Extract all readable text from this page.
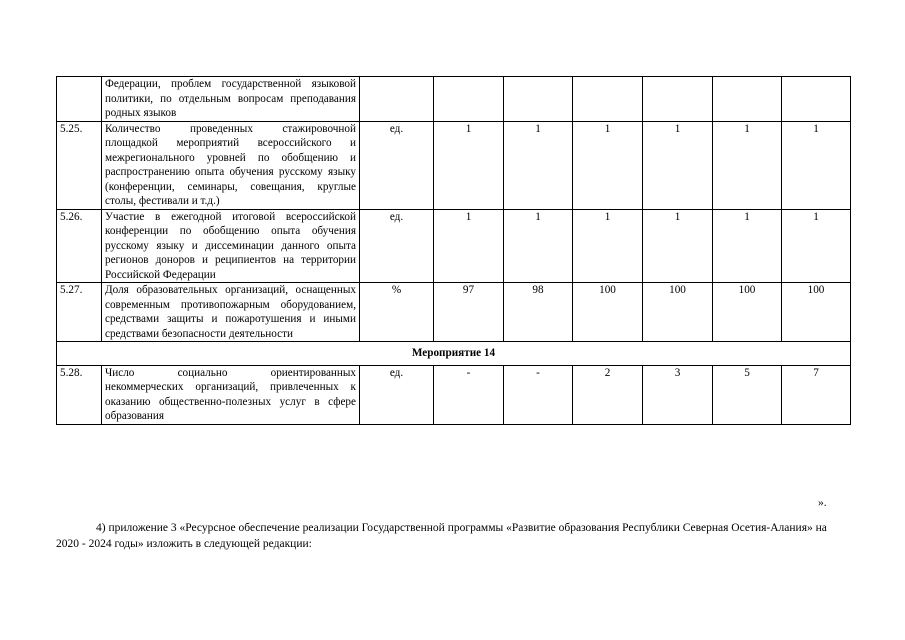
	Федерации, проблем государственной языковой политики, по отдельным вопросам преподавания родных языков							
5.25.	Количество проведенных стажировочной площадкой мероприятий всероссийского и межрегионального уровней по обобщению и распространению опыта обучения русскому языку (конференции, семинары, совещания, круглые столы, фестивали и т.д.)	ед.	1	1	1	1	1	1
5.26.	Участие в ежегодной итоговой всероссийской конференции по обобщению опыта обучения русскому языку и диссеминации данного опыта регионов доноров и реципиентов на территории Российской Федерации	ед.	1	1	1	1	1	1
5.27.	Доля образовательных организаций, оснащенных современным противопожарным оборудованием, средствами защиты и пожаротушения и иными средствами безопасности деятельности	%	97	98	100	100	100	100
Мероприятие 14								
5.28.	Число социально ориентированных некоммерческих организаций, привлеченных к оказанию общественно-полезных услуг в сфере образования	ед.	-	-	2	3	5	7
».
4) приложение 3 «Ресурсное обеспечение реализации Государственной программы «Развитие образования Республики Северная Осетия-Алания» на 2020 - 2024 годы» изложить в следующей редакции:
